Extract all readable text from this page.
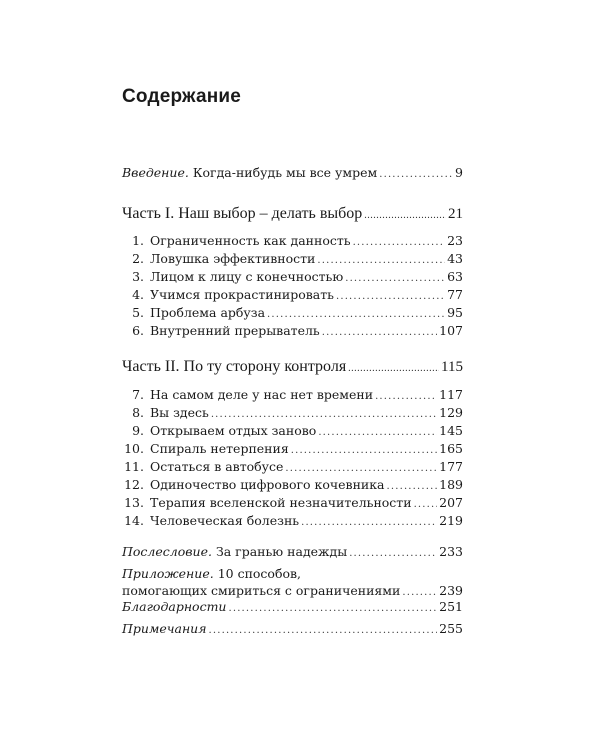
Содержание
Введение. Когда-нибудь мы все умрем . . .	9
Часть I. Наш выбор – делать выбор . . .	21
1. Ограниченность как данность . . .	23
2. Ловушка эффективности . . .	43
3. Лицом к лицу с конечностью . . .	63
4. Учимся прокрастинировать . . .	77
5. Проблема арбуза . . .	95
6. Внутренний прерыватель . . .	107
Часть II. По ту сторону контроля . . .	115
7. На самом деле у нас нет времени . . .	117
8. Вы здесь . . .	129
9. Открываем отдых заново . . .	145
10. Спираль нетерпения . . .	165
11. Остаться в автобусе . . .	177
12. Одиночество цифрового кочевника . . .	189
13. Терапия вселенской незначительности . . . 207
14. Человеческая болезнь . . .	219
Послесловие. За гранью надежды . . .	233
Приложение. 10 способов,
помогающих смириться с ограничениями . . .	239
Благодарности . . .	251
Примечания . . .	255
